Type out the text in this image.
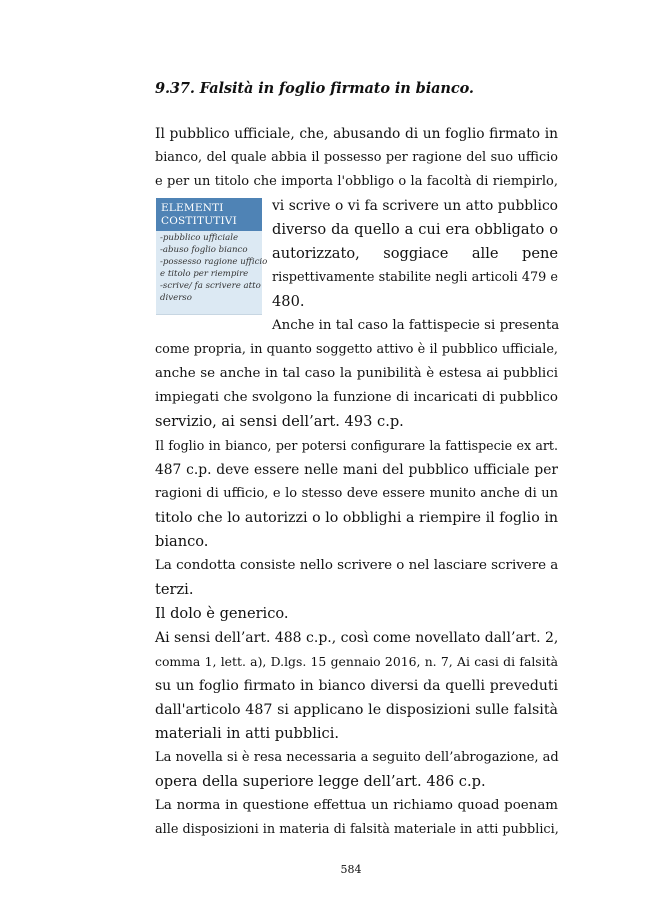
9.37. Falsità in foglio firmato in bianco.
ELEMENTI
COSTITUTIVI
-pubblico ufficiale
-abuso foglio bianco
-possesso ragione ufficio
e titolo per riempire
-scrive/ fa scrivere atto
diverso

Il pubblico ufficiale, che, abusando di un foglio firmato in

bianco, del quale abbia il possesso per ragione del suo ufficio

e per un titolo che importa l'obbligo o la facoltà di riempirlo,

vi scrive o vi fa scrivere un atto pubblico

diverso da quello a cui era obbligato o

autorizzato, soggiace alle pene

rispettivamente stabilite negli articoli 479 e

480.

Anche in tal caso la fattispecie si presenta

come propria, in quanto soggetto attivo è il pubblico ufficiale,

anche se anche in tal caso la punibilità è estesa ai pubblici

impiegati che svolgono la funzione di incaricati di pubblico

servizio, ai sensi dell’art. 493 c.p.

Il foglio in bianco, per potersi configurare la fattispecie ex art.

487 c.p. deve essere nelle mani del pubblico ufficiale per

ragioni di ufficio, e lo stesso deve essere munito anche di un

titolo che lo autorizzi o lo obblighi a riempire il foglio in

bianco.

La condotta consiste nello scrivere o nel lasciare scrivere a

terzi.

Il dolo è generico.

Ai sensi dell’art. 488 c.p., così come novellato dall’art. 2,

comma 1, lett. a), D.lgs. 15 gennaio 2016, n. 7, Ai casi di falsità

su un foglio firmato in bianco diversi da quelli preveduti

dall'articolo 487 si applicano le disposizioni sulle falsità

materiali in atti pubblici.

La novella si è resa necessaria a seguito dell’abrogazione, ad

opera della superiore legge dell’art. 486 c.p.

La norma in questione effettua un richiamo quoad poenam

alle disposizioni in materia di falsità materiale in atti pubblici,

584
